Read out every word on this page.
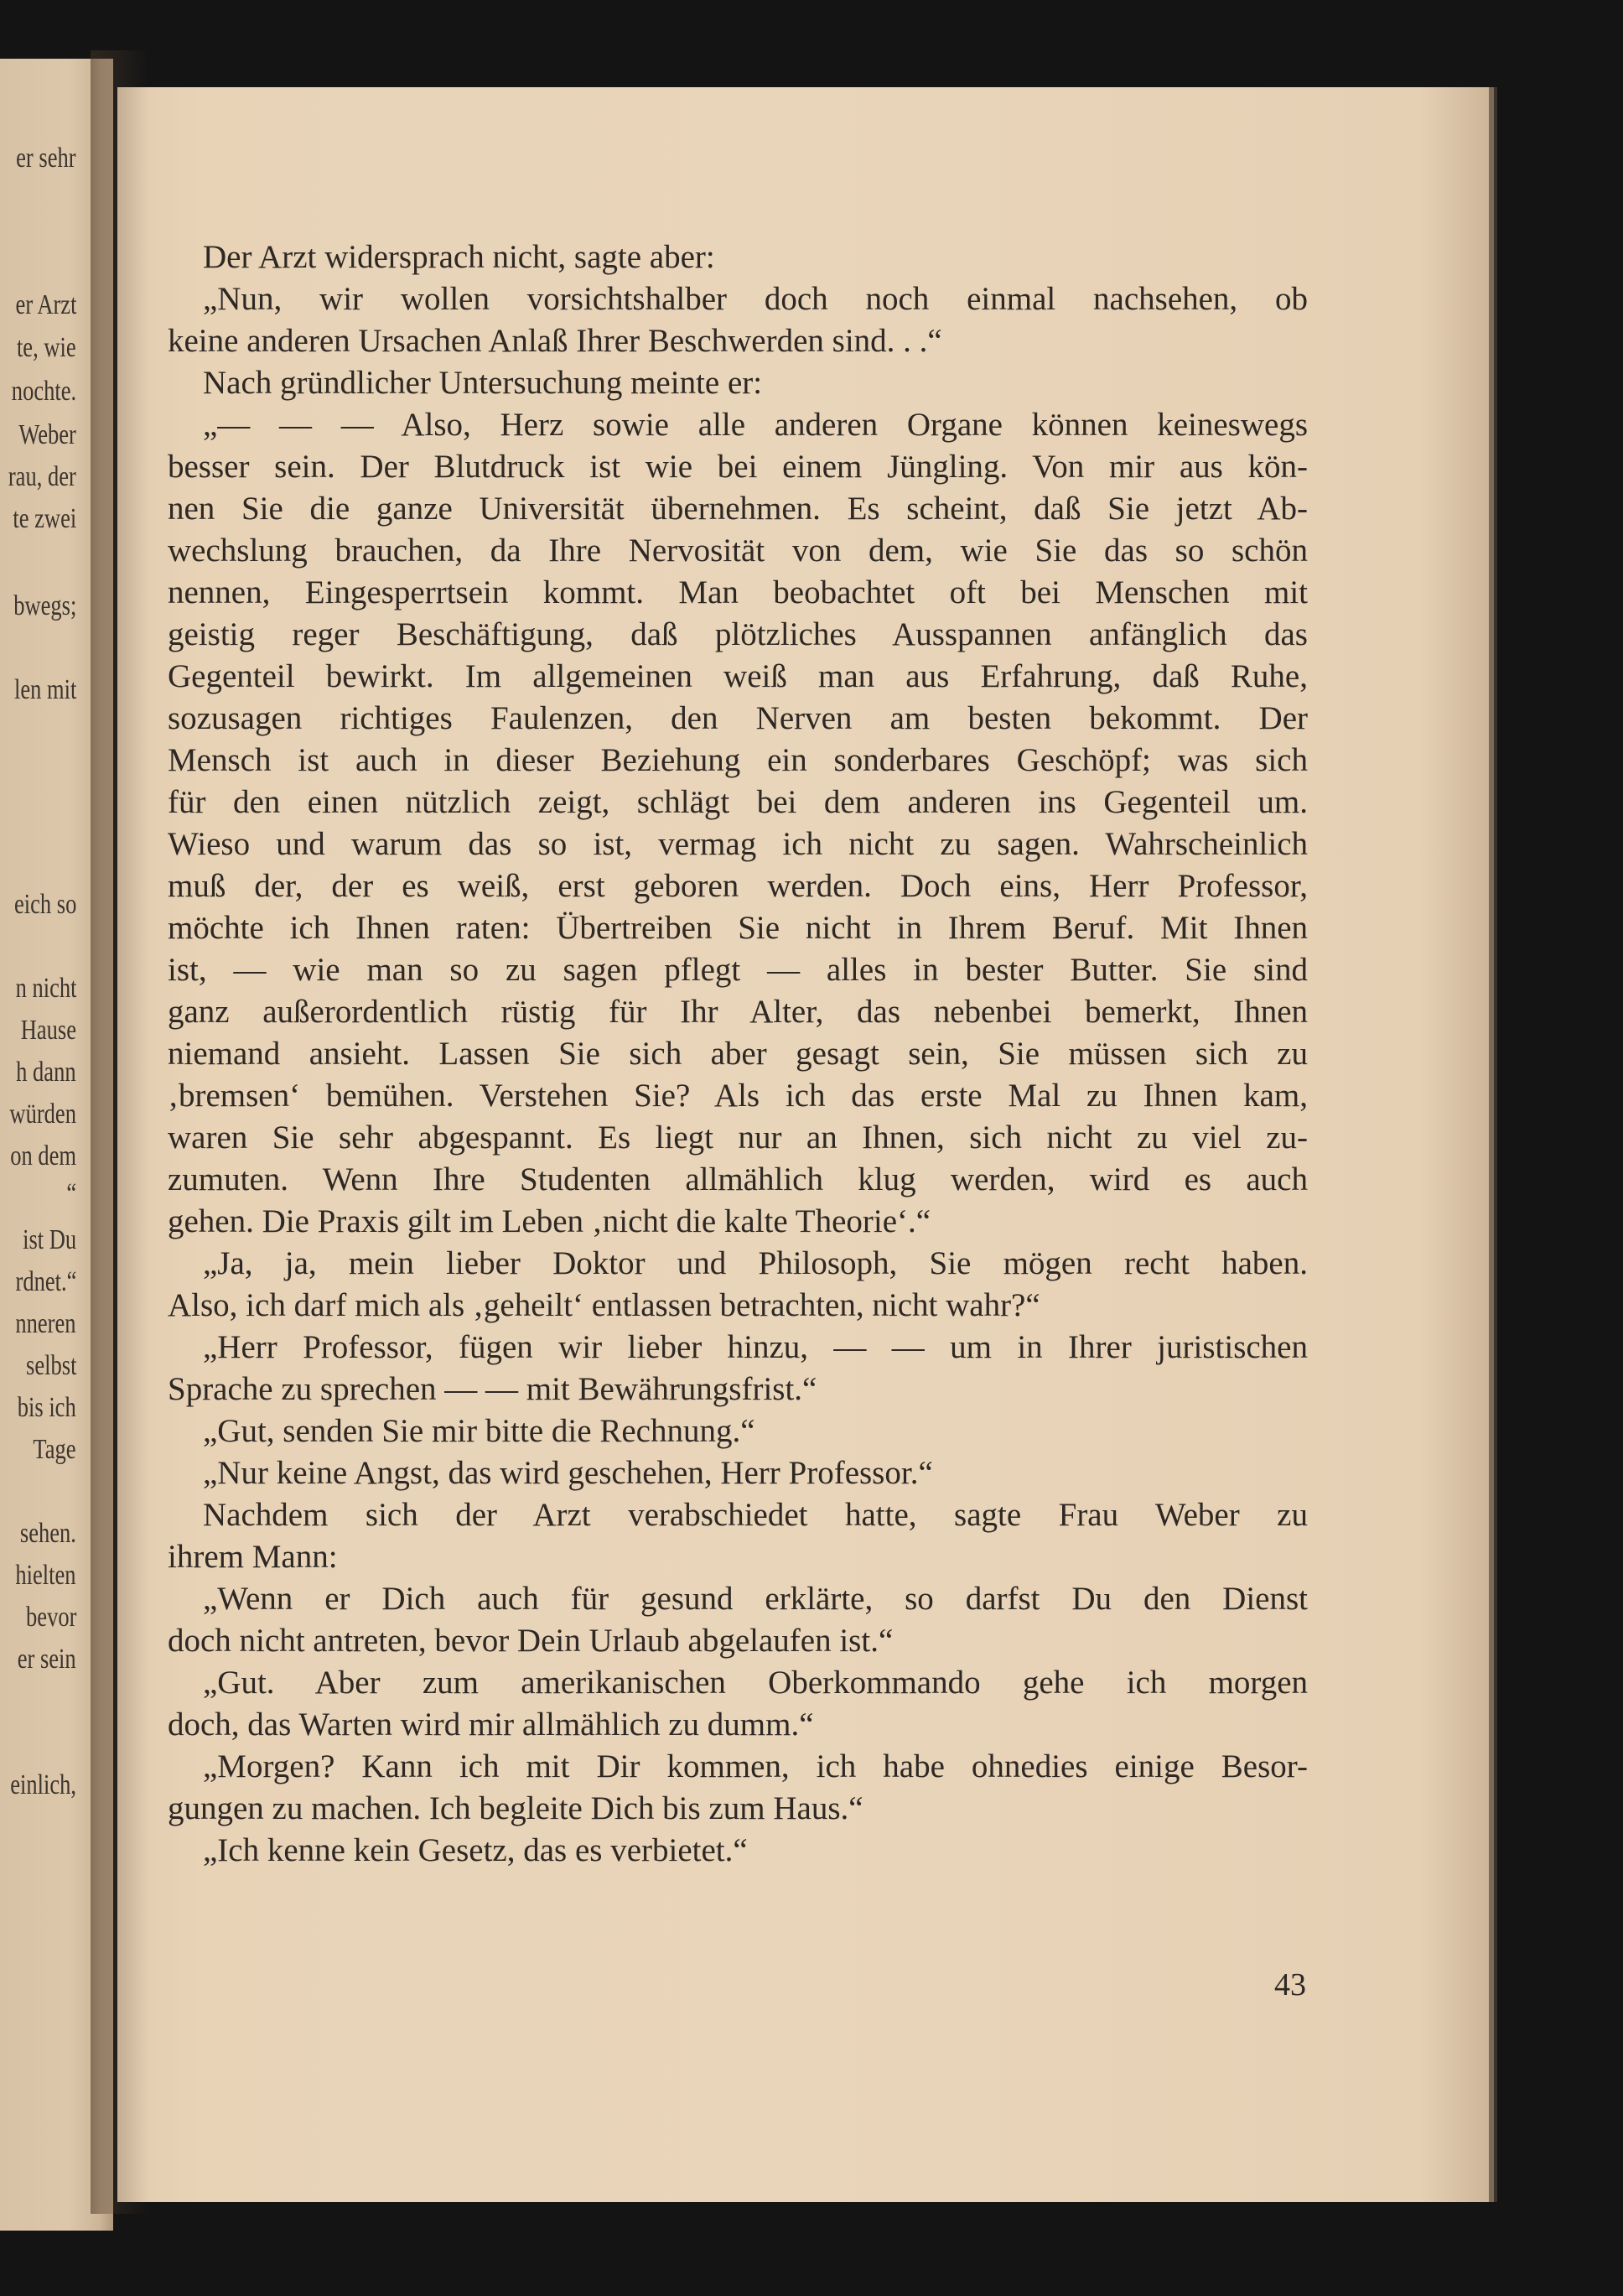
er sehr
er Arzt
te, wie
nochte.
Weber
rau, der
te zwei
bwegs;
len mit
eich so
n nicht
Hause
h dann
würden
on dem
“
ist Du
rdnet.“
nneren
selbst
bis ich
Tage
sehen.
hielten
bevor
er sein
einlich,
Der Arzt widersprach nicht, sagte aber:
„Nun, wir wollen vorsichtshalber doch noch einmal nachsehen, ob
keine anderen Ursachen Anlaß Ihrer Beschwerden sind. . .“
Nach gründlicher Untersuchung meinte er:
„— — — Also, Herz sowie alle anderen Organe können keineswegs
besser sein. Der Blutdruck ist wie bei einem Jüngling. Von mir aus kön-
nen Sie die ganze Universität übernehmen. Es scheint, daß Sie jetzt Ab-
wechslung brauchen, da Ihre Nervosität von dem, wie Sie das so schön
nennen, Eingesperrtsein kommt. Man beobachtet oft bei Menschen mit
geistig reger Beschäftigung, daß plötzliches Ausspannen anfänglich das
Gegenteil bewirkt. Im allgemeinen weiß man aus Erfahrung, daß Ruhe,
sozusagen richtiges Faulenzen, den Nerven am besten bekommt. Der
Mensch ist auch in dieser Beziehung ein sonderbares Geschöpf; was sich
für den einen nützlich zeigt, schlägt bei dem anderen ins Gegenteil um.
Wieso und warum das so ist, vermag ich nicht zu sagen. Wahrscheinlich
muß der, der es weiß, erst geboren werden. Doch eins, Herr Professor,
möchte ich Ihnen raten: Übertreiben Sie nicht in Ihrem Beruf. Mit Ihnen
ist, — wie man so zu sagen pflegt — alles in bester Butter. Sie sind
ganz außerordentlich rüstig für Ihr Alter, das nebenbei bemerkt, Ihnen
niemand ansieht. Lassen Sie sich aber gesagt sein, Sie müssen sich zu
‚bremsen‘ bemühen. Verstehen Sie? Als ich das erste Mal zu Ihnen kam,
waren Sie sehr abgespannt. Es liegt nur an Ihnen, sich nicht zu viel zu-
zumuten. Wenn Ihre Studenten allmählich klug werden, wird es auch
gehen. Die Praxis gilt im Leben ‚nicht die kalte Theorie‘.“
„Ja, ja, mein lieber Doktor und Philosoph, Sie mögen recht haben.
Also, ich darf mich als ‚geheilt‘ entlassen betrachten, nicht wahr?“
„Herr Professor, fügen wir lieber hinzu, — — um in Ihrer juristischen
Sprache zu sprechen — — mit Bewährungsfrist.“
„Gut, senden Sie mir bitte die Rechnung.“
„Nur keine Angst, das wird geschehen, Herr Professor.“
Nachdem sich der Arzt verabschiedet hatte, sagte Frau Weber zu
ihrem Mann:
„Wenn er Dich auch für gesund erklärte, so darfst Du den Dienst
doch nicht antreten, bevor Dein Urlaub abgelaufen ist.“
„Gut. Aber zum amerikanischen Oberkommando gehe ich morgen
doch, das Warten wird mir allmählich zu dumm.“
„Morgen? Kann ich mit Dir kommen, ich habe ohnedies einige Besor-
gungen zu machen. Ich begleite Dich bis zum Haus.“
„Ich kenne kein Gesetz, das es verbietet.“
43
